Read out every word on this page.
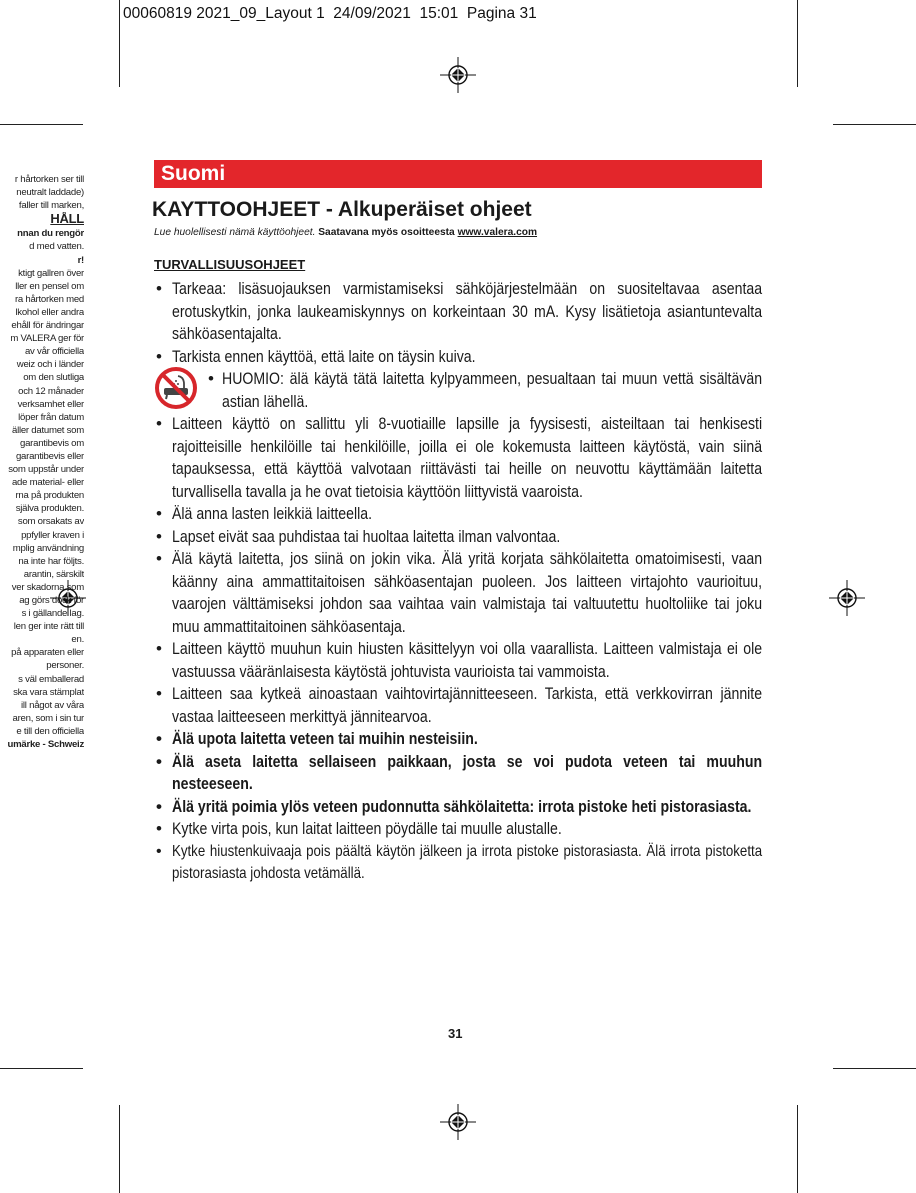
00060819 2021_09_Layout 1  24/09/2021  15:01  Pagina 31
r hårtorken ser till
neutralt laddade)
faller till marken,
HÅLL
nnan du rengör
d med vatten.
r!
ktigt gallren över
ller en pensel om
ra hårtorken med
lkohol eller andra
ehåll för ändringar
m VALERA ger för
av vår officiella
weiz och i länder
om den slutliga
och 12 månader
verksamhet eller
löper från datum
äller datumet som
garantibevis om
garantibevis eller
som uppstår under
ade material- eller
rna på produkten
själva produkten.
som orsakats av
ppfyller kraven i
mplig användning
na inte har följts.
arantin, särskilt
ver skadorna som
ag görs dock för
s i gällande lag.
len ger inte rätt till
en.
på apparaten eller
personer.
s väl emballerad
ska vara stämplat
ill något av våra
aren, som i sin tur
e till den officiella
umärke - Schweiz
Suomi
KAYTTOOHJEET - Alkuperäiset ohjeet
Lue huolellisesti nämä käyttöohjeet. Saatavana myös osoitteesta www.valera.com
TURVALLISUUSOHJEET
• Tarkeaa: lisäsuojauksen varmistamiseksi sähköjärjestelmään on suositeltavaa asentaa erotuskytkin, jonka laukeamiskynnys on korkeintaan 30 mA. Kysy lisätietoja asiantuntevalta sähköasentajalta.
• Tarkista ennen käyttöä, että laite on täysin kuiva.
• HUOMIO: älä käytä tätä laitetta kylpyammeen, pesualtaan tai muun vettä sisältävän astian lähellä.
• Laitteen käyttö on sallittu yli 8-vuotiaille lapsille ja fyysisesti, aisteiltaan tai henkisesti rajoitteisille henkilöille tai henkilöille, joilla ei ole kokemusta laitteen käytöstä, vain siinä tapauksessa, että käyttöä valvotaan riittävästi tai heille on neuvottu käyttämään laitetta turvallisella tavalla ja he ovat tietoisia käyttöön liittyvistä vaaroista.
• Älä anna lasten leikkiä laitteella.
• Lapset eivät saa puhdistaa tai huoltaa laitetta ilman valvontaa.
• Älä käytä laitetta, jos siinä on jokin vika. Älä yritä korjata sähkölaitetta omatoimisesti, vaan käänny aina ammattitaitoisen sähköasentajan puoleen. Jos laitteen virtajohto vaurioituu, vaarojen välttämiseksi johdon saa vaihtaa vain valmistaja tai valtuutettu huoltoliike tai joku muu ammattitaitoinen sähköasentaja.
• Laitteen käyttö muuhun kuin hiusten käsittelyyn voi olla vaarallista. Laitteen valmistaja ei ole vastuussa vääränlaisesta käytöstä johtuvista vaurioista tai vammoista.
• Laitteen saa kytkeä ainoastaan vaihtovirtajännitteeseen. Tarkista, että verkkovirran jännite vastaa laitteeseen merkittyä jännitearvoa.
• Älä upota laitetta veteen tai muihin nesteisiin.
• Älä aseta laitetta sellaiseen paikkaan, josta se voi pudota veteen tai muuhun nesteeseen.
• Älä yritä poimia ylös veteen pudonnutta sähkölaitetta: irrota pistoke heti pistorasiasta.
• Kytke virta pois, kun laitat laitteen pöydälle tai muulle alustalle.
• Kytke hiustenkuivaaja pois päältä käytön jälkeen ja irrota pistoke pistorasiasta. Älä irrota pistoketta pistorasiasta johdosta vetämällä.
31
